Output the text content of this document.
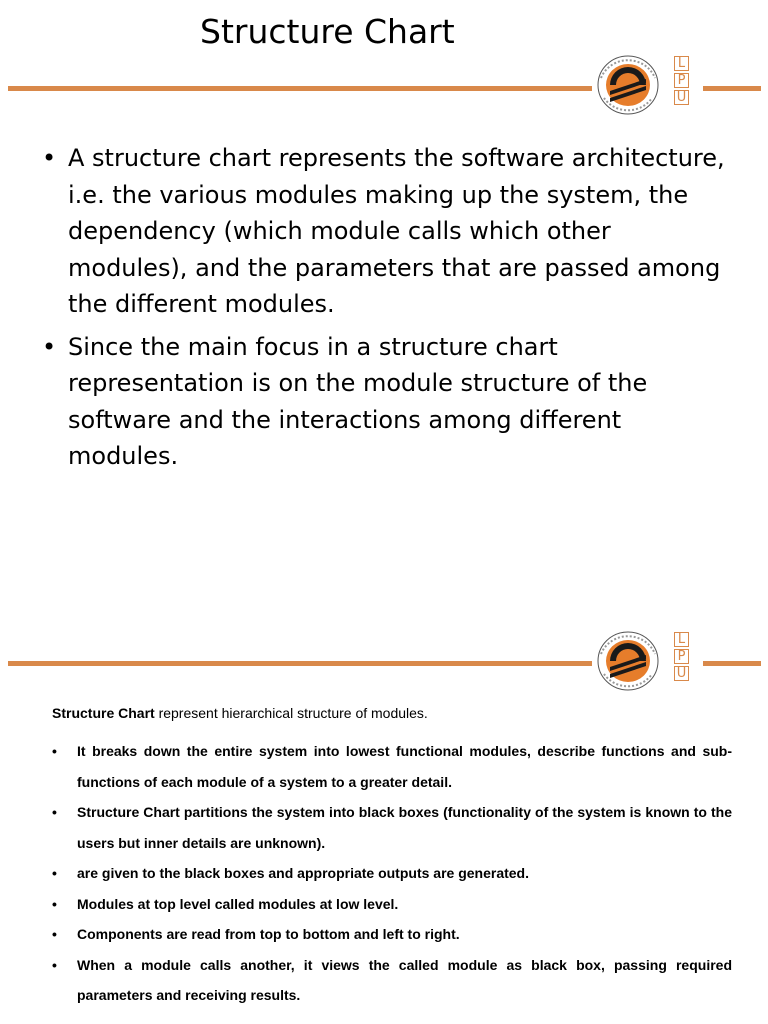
Structure Chart
L
P
U
• A structure chart represents the software architecture, i.e. the various modules making up the system, the dependency (which module calls which other modules), and the parameters that are passed among the different modules.
• Since the main focus in a structure chart representation is on the module structure of the software and the interactions among different modules.
L
P
U
Structure Chart represent hierarchical structure of modules.
• It breaks down the entire system into lowest functional modules, describe functions and sub-functions of each module of a system to a greater detail.
• Structure Chart partitions the system into black boxes (functionality of the system is known to the users but inner details are unknown).
• are given to the black boxes and appropriate outputs are generated.
• Modules at top level called modules at low level.
• Components are read from top to bottom and left to right.
• When a module calls another, it views the called module as black box, passing required parameters and receiving results.
